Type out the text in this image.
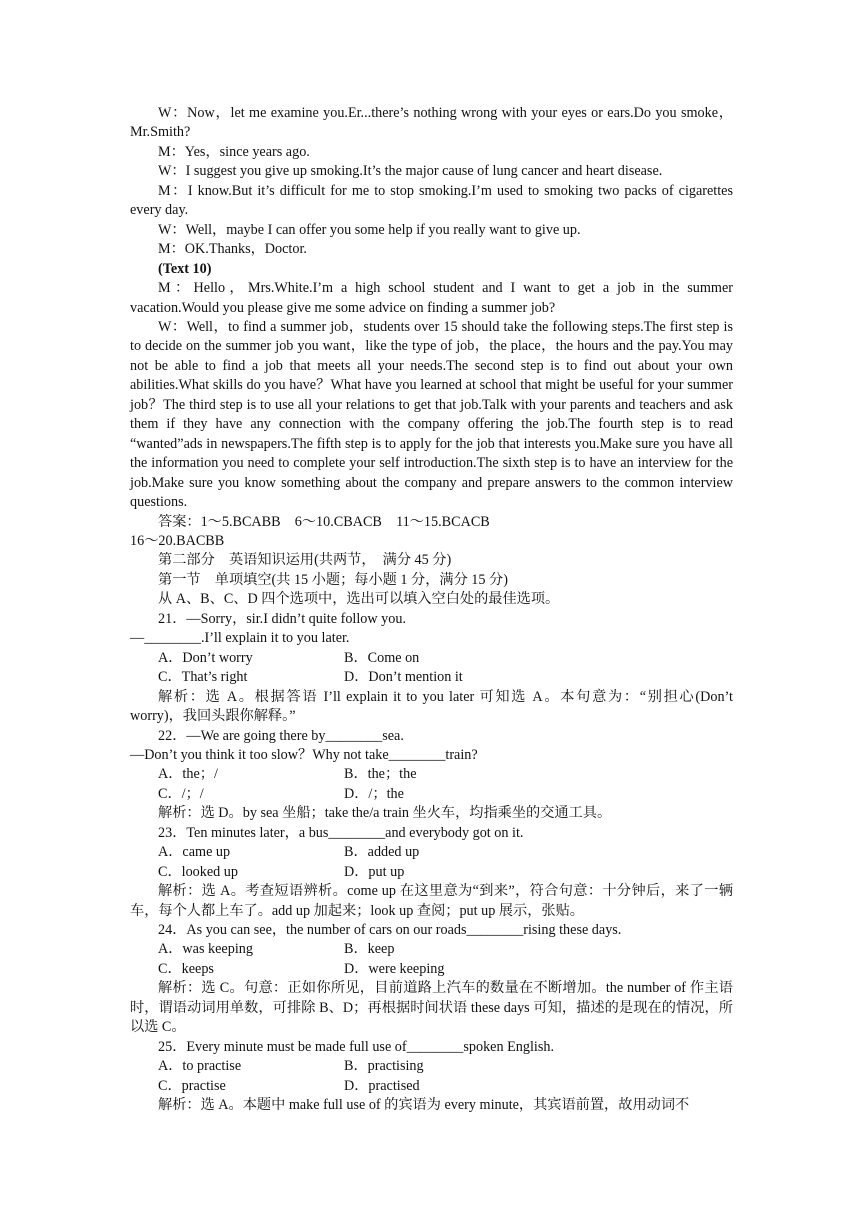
W：Now，let me examine you.Er...there’s nothing wrong with your eyes or ears.Do you smoke，Mr.Smith?

M：Yes，since years ago.

W：I suggest you give up smoking.It’s the major cause of lung cancer and heart disease.

M：I know.But it’s difficult for me to stop smoking.I’m used to smoking two packs of cigarettes every day.

W：Well，maybe I can offer you some help if you really want to give up.

M：OK.Thanks，Doctor.

(Text 10)

M：Hello，Mrs.White.I’m a high school student and I want to get a job in the summer vacation.Would you please give me some advice on finding a summer job?

W：Well，to find a summer job，students over 15 should take the following steps.The first step is to decide on the summer job you want，like the type of job，the place，the hours and the pay.You may not be able to find a job that meets all your needs.The second step is to find out about your own abilities.What skills do you have？What have you learned at school that might be useful for your summer job？The third step is to use all your relations to get that job.Talk with your parents and teachers and ask them if they have any connection with the company offering the job.The fourth step is to read “wanted”ads in newspapers.The fifth step is to apply for the job that interests you.Make sure you have all the information you need to complete your self introduction.The sixth step is to have an interview for the job.Make sure you know something about the company and prepare answers to the common interview questions.

答案：1～5.BCABB　6～10.CBACB　11～15.BCACB

16～20.BACBB

第二部分　英语知识运用(共两节，　满分 45 分)

第一节　单项填空(共 15 小题；每小题 1 分，满分 15 分)

从 A、B、C、D 四个选项中，选出可以填入空白处的最佳选项。

21．—Sorry，sir.I didn’t quite follow you.

—________.I’ll explain it to you later.

A．Don’t worry	B．Come on
C．That’s right	D．Don’t mention it

解析：选 A。根据答语 I’ll explain it to you later 可知选 A。本句意为：“别担心(Don’t worry)，我回头跟你解释。”

22．—We are going there by________sea.

—Don’t you think it too slow？Why not take________train?

A．the；/	B．the；the
C．/；/	D．/；the

解析：选 D。by sea 坐船；take the/a train 坐火车，均指乘坐的交通工具。

23．Ten minutes later，a bus________and everybody got on it.

A．came up	B．added up
C．looked up	D．put up

解析：选 A。考查短语辨析。come up 在这里意为“到来”，符合句意：十分钟后，来了一辆车，每个人都上车了。add up 加起来；look up 查阅；put up 展示，张贴。

24．As you can see，the number of cars on our roads________rising these days.

A．was keeping	B．keep
C．keeps	D．were keeping

解析：选 C。句意：正如你所见，目前道路上汽车的数量在不断增加。the number of 作主语时，谓语动词用单数，可排除 B、D；再根据时间状语 these days 可知，描述的是现在的情况，所以选 C。

25．Every minute must be made full use of________spoken English.

A．to practise	B．practising
C．practise	D．practised

解析：选 A。本题中 make full use of 的宾语为 every minute，其宾语前置，故用动词不
